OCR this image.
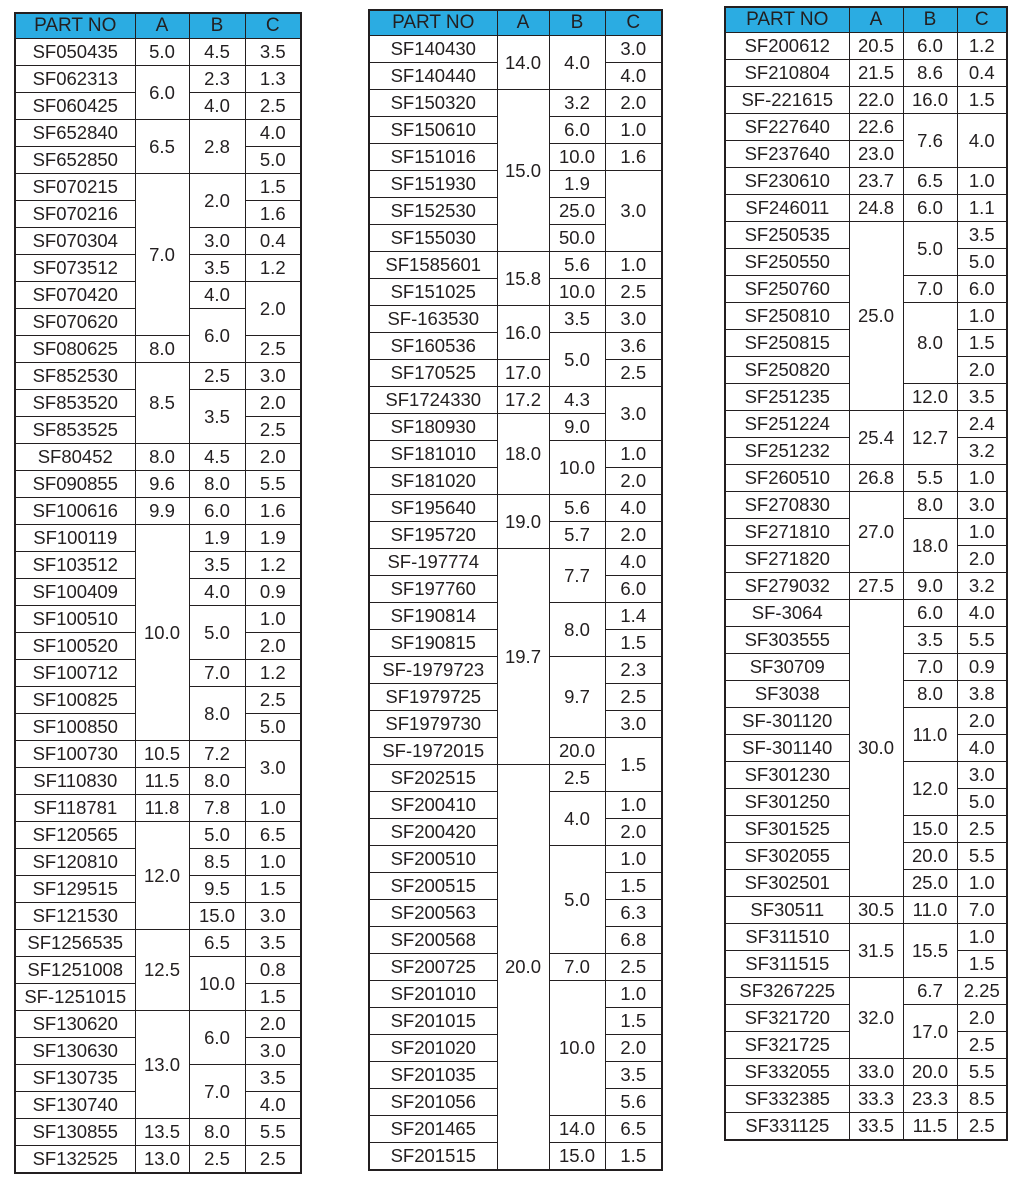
PART NO	A	B	C
SF050435	5.0	4.5	3.5
SF062313	6.0	2.3	1.3
SF060425		4.0	2.5
SF652840	6.5	2.8	4.0
SF652850			5.0
SF070215	7.0	2.0	1.5
SF070216			1.6
SF070304		3.0	0.4
SF073512		3.5	1.2
SF070420		4.0	2.0
SF070620		6.0	
SF080625	8.0		2.5
SF852530	8.5	2.5	3.0
SF853520		3.5	2.0
SF853525			2.5
SF80452	8.0	4.5	2.0
SF090855	9.6	8.0	5.5
SF100616	9.9	6.0	1.6
SF100119	10.0	1.9	1.9
SF103512		3.5	1.2
SF100409		4.0	0.9
SF100510		5.0	1.0
SF100520			2.0
SF100712		7.0	1.2
SF100825		8.0	2.5
SF100850			5.0
SF100730	10.5	7.2	3.0
SF110830	11.5	8.0	
SF118781	11.8	7.8	1.0
SF120565	12.0	5.0	6.5
SF120810		8.5	1.0
SF129515		9.5	1.5
SF121530		15.0	3.0
SF1256535	12.5	6.5	3.5
SF1251008		10.0	0.8
SF-1251015			1.5
SF130620	13.0	6.0	2.0
SF130630			3.0
SF130735		7.0	3.5
SF130740			4.0
SF130855	13.5	8.0	5.5
SF132525	13.0	2.5	2.5
PART NO	A	B	C
SF140430	14.0	4.0	3.0
SF140440			4.0
SF150320	15.0	3.2	2.0
SF150610		6.0	1.0
SF151016		10.0	1.6
SF151930		1.9	3.0
SF152530		25.0	
SF155030		50.0	
SF1585601	15.8	5.6	1.0
SF151025		10.0	2.5
SF-163530	16.0	3.5	3.0
SF160536		5.0	3.6
SF170525	17.0		2.5
SF1724330	17.2	4.3	3.0
SF180930	18.0	9.0	
SF181010		10.0	1.0
SF181020			2.0
SF195640	19.0	5.6	4.0
SF195720		5.7	2.0
SF-197774	19.7	7.7	4.0
SF197760			6.0
SF190814		8.0	1.4
SF190815			1.5
SF-1979723		9.7	2.3
SF1979725			2.5
SF1979730			3.0
SF-1972015		20.0	1.5
SF202515	20.0	2.5	
SF200410		4.0	1.0
SF200420			2.0
SF200510		5.0	1.0
SF200515			1.5
SF200563			6.3
SF200568			6.8
SF200725		7.0	2.5
SF201010		10.0	1.0
SF201015			1.5
SF201020			2.0
SF201035			3.5
SF201056			5.6
SF201465		14.0	6.5
SF201515		15.0	1.5
PART NO	A	B	C
SF200612	20.5	6.0	1.2
SF210804	21.5	8.6	0.4
SF-221615	22.0	16.0	1.5
SF227640	22.6	7.6	4.0
SF237640	23.0		
SF230610	23.7	6.5	1.0
SF246011	24.8	6.0	1.1
SF250535	25.0	5.0	3.5
SF250550			5.0
SF250760		7.0	6.0
SF250810		8.0	1.0
SF250815			1.5
SF250820			2.0
SF251235		12.0	3.5
SF251224	25.4	12.7	2.4
SF251232			3.2
SF260510	26.8	5.5	1.0
SF270830	27.0	8.0	3.0
SF271810		18.0	1.0
SF271820			2.0
SF279032	27.5	9.0	3.2
SF-3064	30.0	6.0	4.0
SF303555		3.5	5.5
SF30709		7.0	0.9
SF3038		8.0	3.8
SF-301120		11.0	2.0
SF-301140			4.0
SF301230		12.0	3.0
SF301250			5.0
SF301525		15.0	2.5
SF302055		20.0	5.5
SF302501		25.0	1.0
SF30511	30.5	11.0	7.0
SF311510	31.5	15.5	1.0
SF311515			1.5
SF3267225	32.0	6.7	2.25
SF321720		17.0	2.0
SF321725			2.5
SF332055	33.0	20.0	5.5
SF332385	33.3	23.3	8.5
SF331125	33.5	11.5	2.5
